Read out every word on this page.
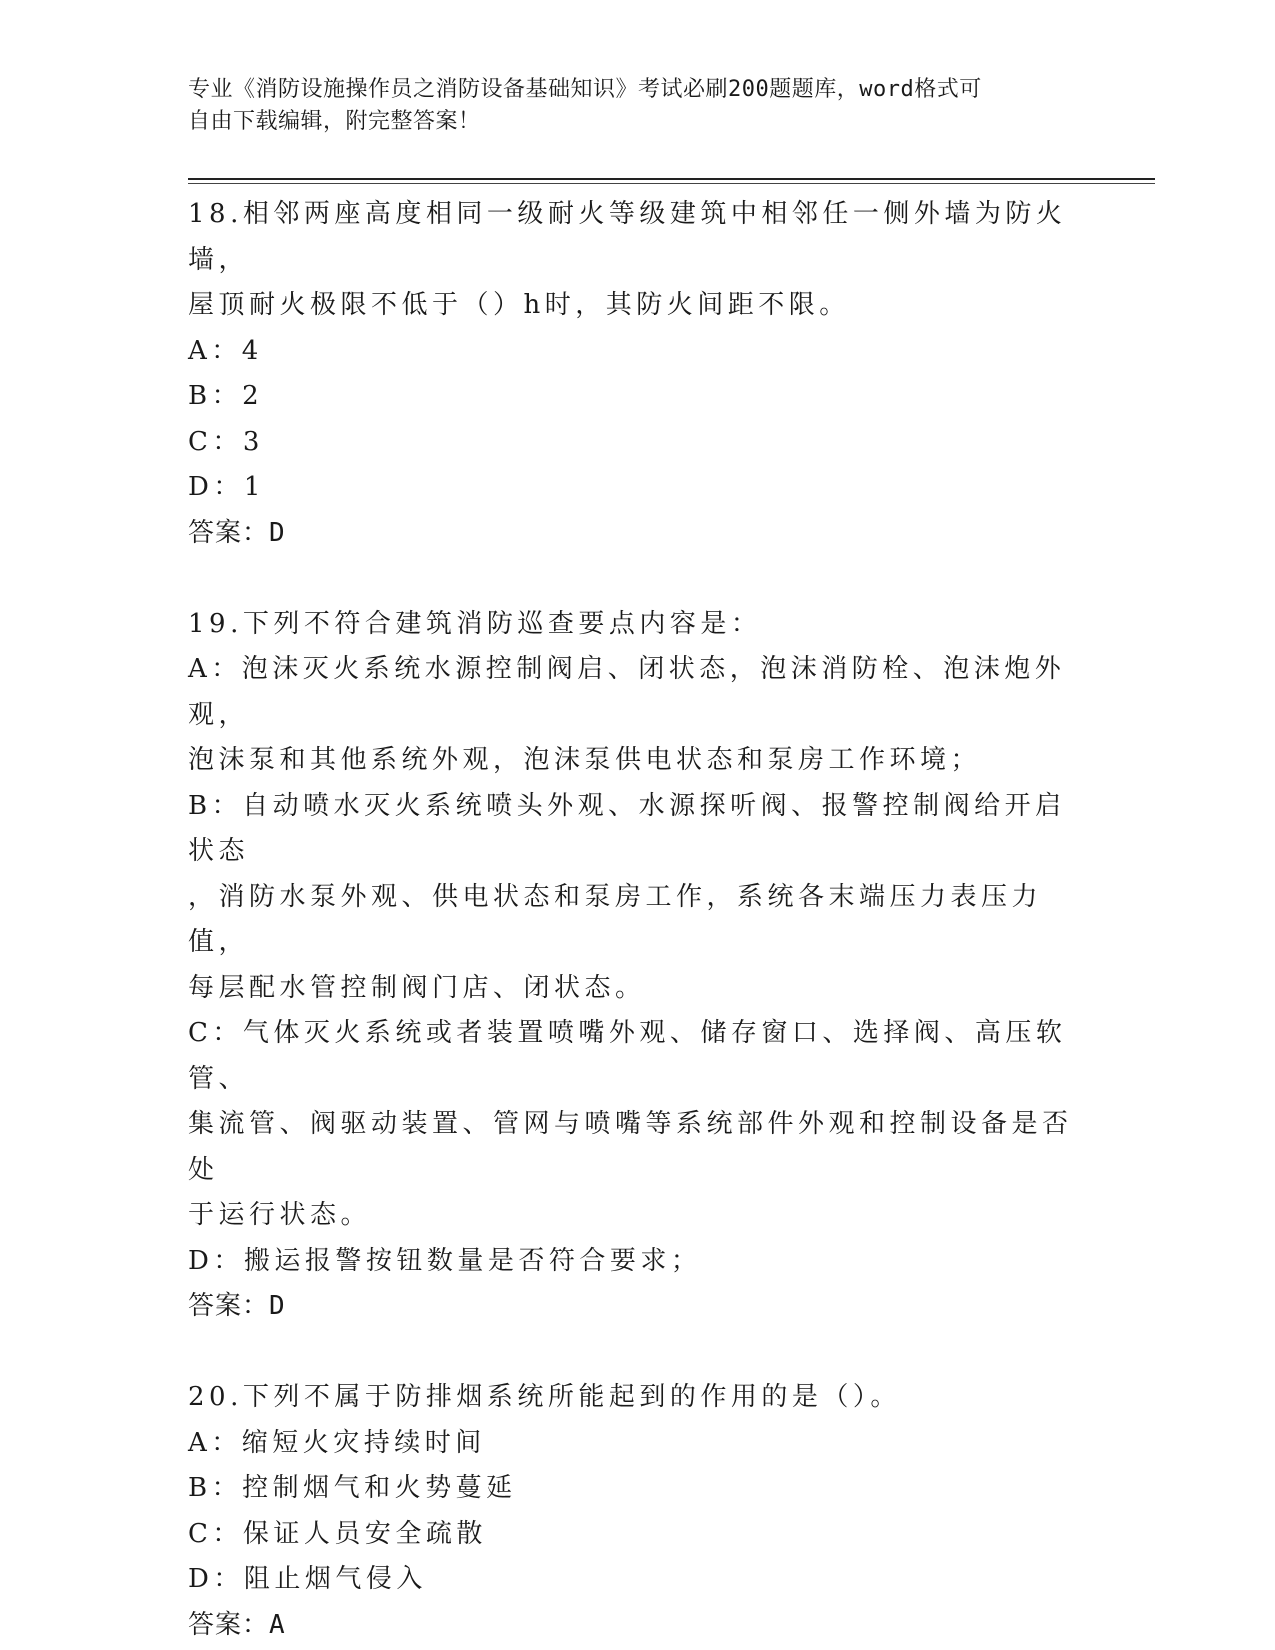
专业《消防设施操作员之消防设备基础知识》考试必刷200题题库，word格式可
自由下载编辑，附完整答案！

18.相邻两座高度相同一级耐火等级建筑中相邻任一侧外墙为防火墙，

屋顶耐火极限不低于（）h时，其防火间距不限。

A：4

B：2

C：3

D：1

答案：D

19.下列不符合建筑消防巡查要点内容是：

A：泡沫灭火系统水源控制阀启、闭状态，泡沫消防栓、泡沫炮外观，

泡沫泵和其他系统外观，泡沫泵供电状态和泵房工作环境；

B：自动喷水灭火系统喷头外观、水源探听阀、报警控制阀给开启状态

，消防水泵外观、供电状态和泵房工作，系统各末端压力表压力值，

每层配水管控制阀门店、闭状态。

C：气体灭火系统或者装置喷嘴外观、储存窗口、选择阀、高压软管、

集流管、阀驱动装置、管网与喷嘴等系统部件外观和控制设备是否处

于运行状态。

D：搬运报警按钮数量是否符合要求；

答案：D

20.下列不属于防排烟系统所能起到的作用的是（）。

A：缩短火灾持续时间

B：控制烟气和火势蔓延

C：保证人员安全疏散

D：阻止烟气侵入

答案：A
